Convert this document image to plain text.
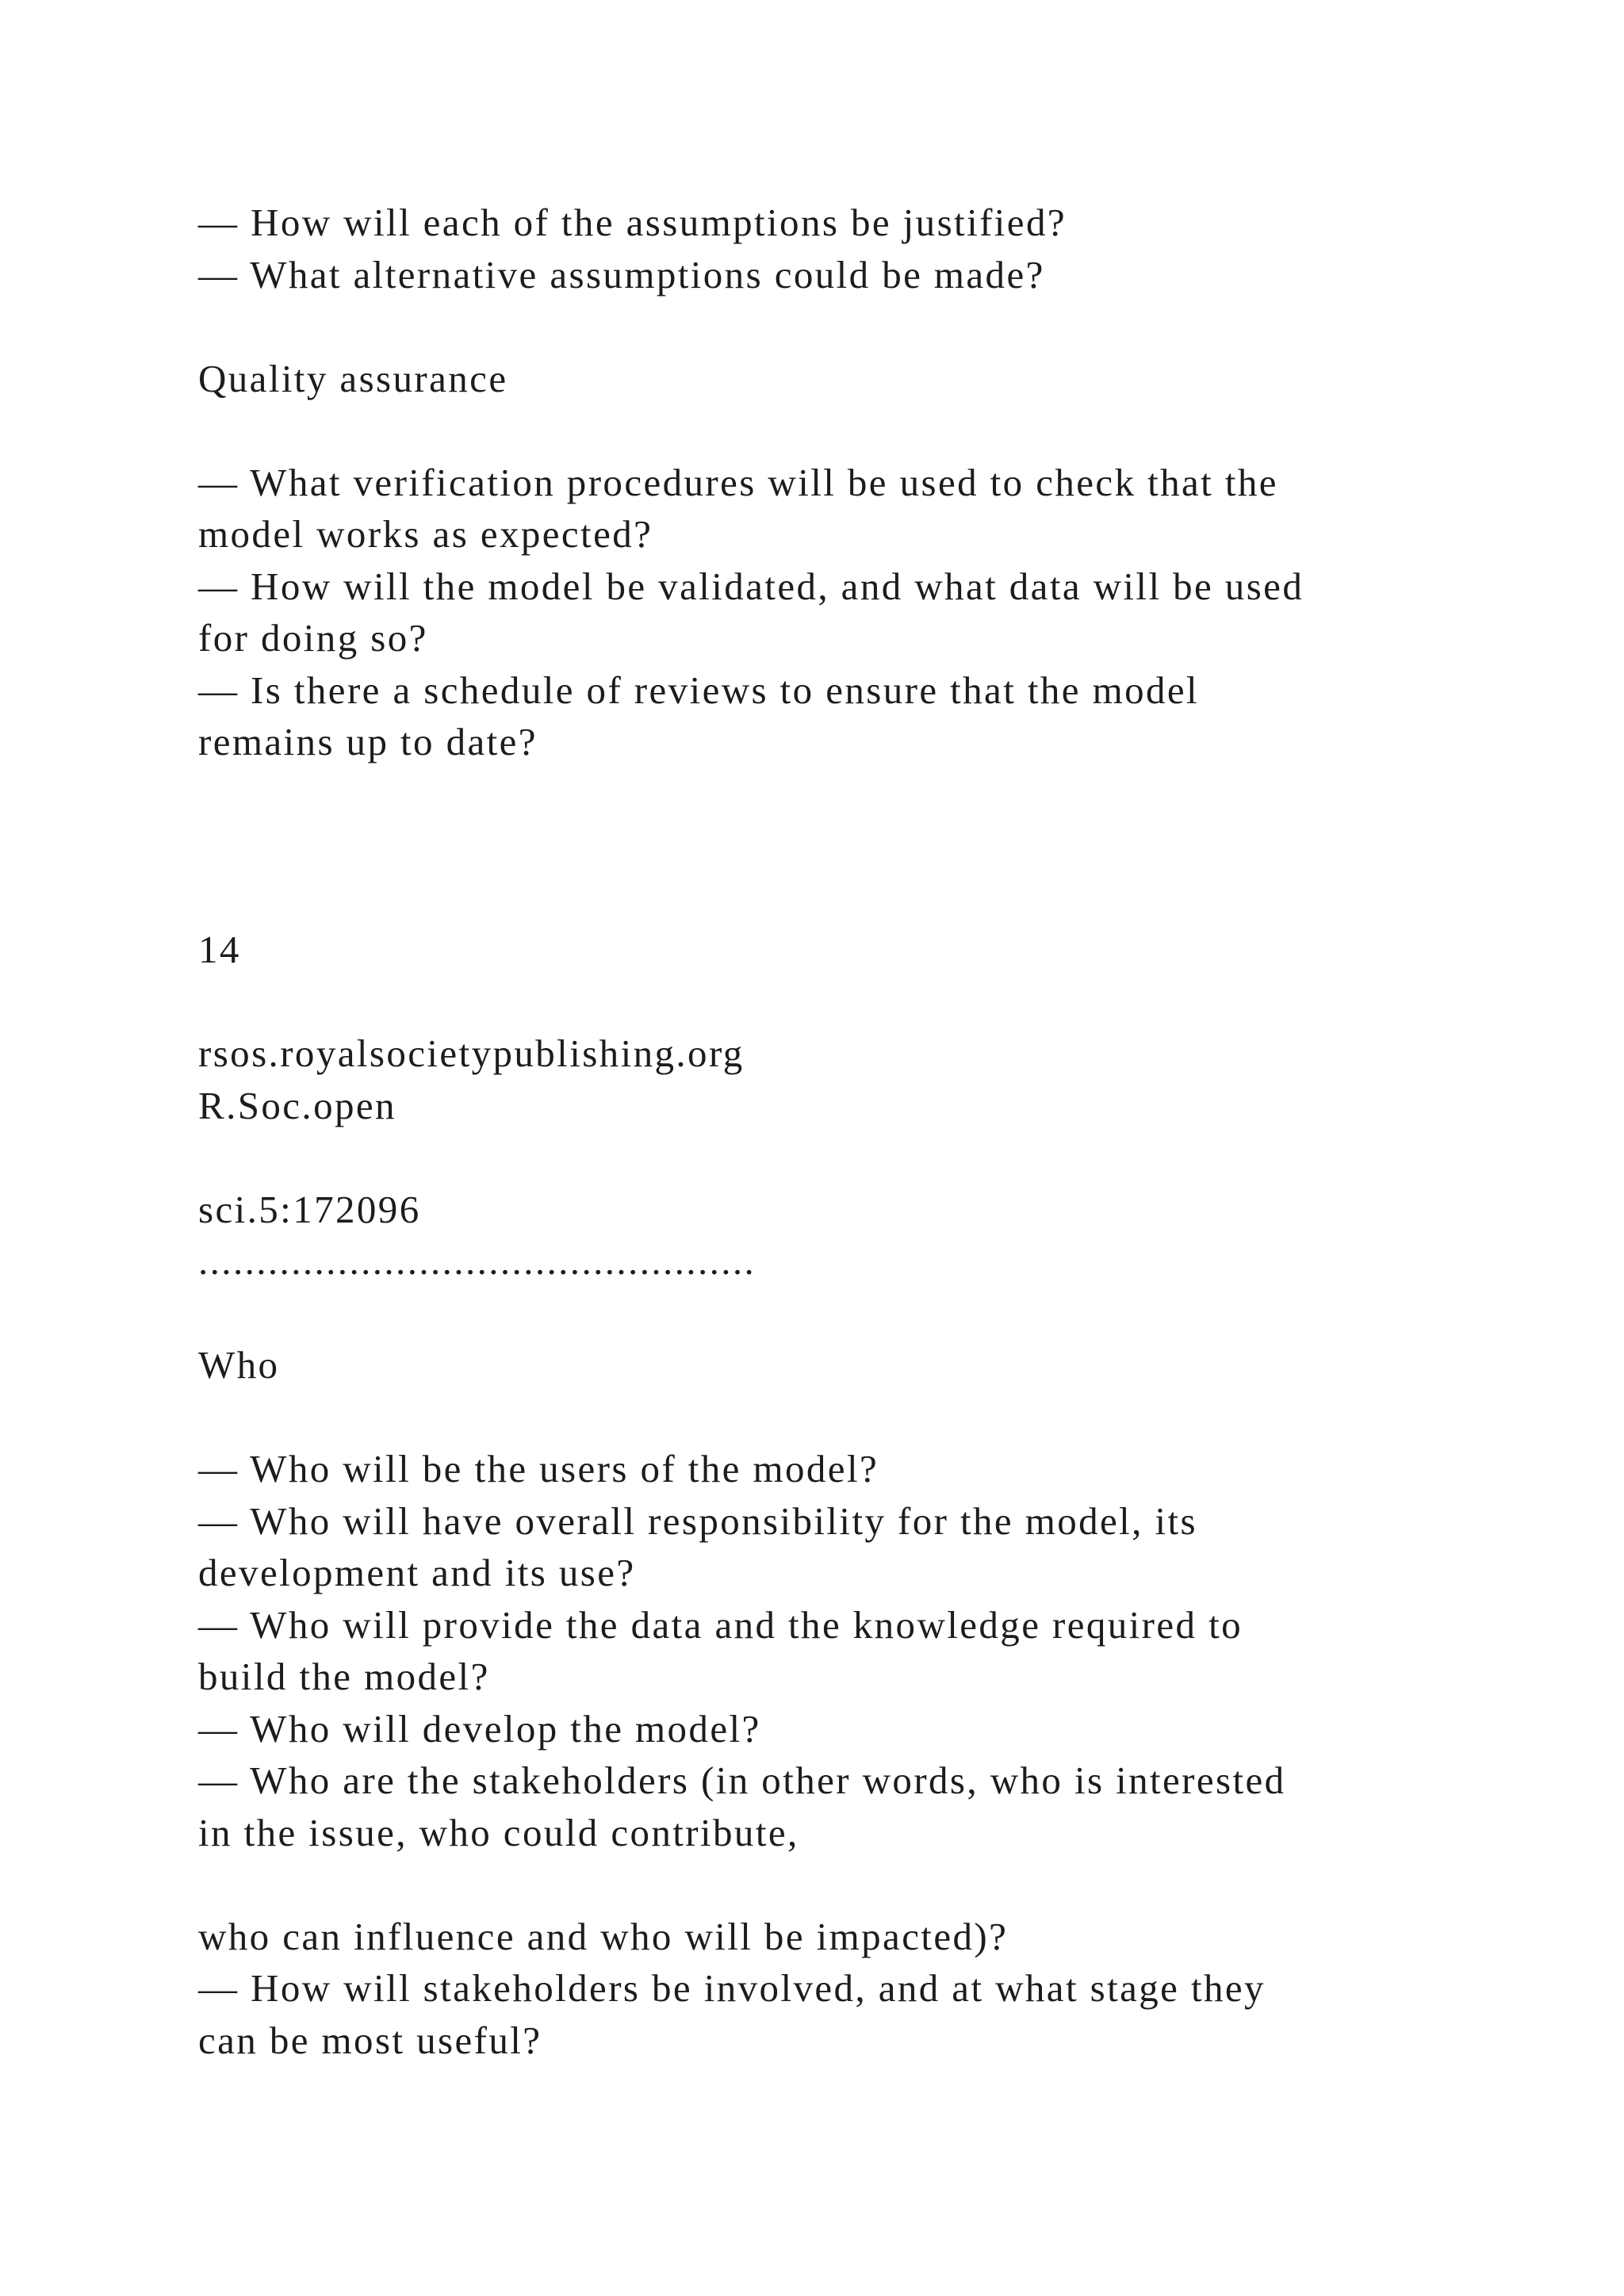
— How will each of the assumptions be justified?
— What alternative assumptions could be made?
Quality assurance
— What verification procedures will be used to check that the
model works as expected?
— How will the model be validated, and what data will be used
for doing so?
— Is there a schedule of reviews to ensure that the model
remains up to date?
14
rsos.royalsocietypublishing.org
R.Soc.open
sci.5:172096
................................................
Who
— Who will be the users of the model?
— Who will have overall responsibility for the model, its
development and its use?
— Who will provide the data and the knowledge required to
build the model?
— Who will develop the model?
— Who are the stakeholders (in other words, who is interested
in the issue, who could contribute,
who can influence and who will be impacted)?
— How will stakeholders be involved, and at what stage they
can be most useful?
